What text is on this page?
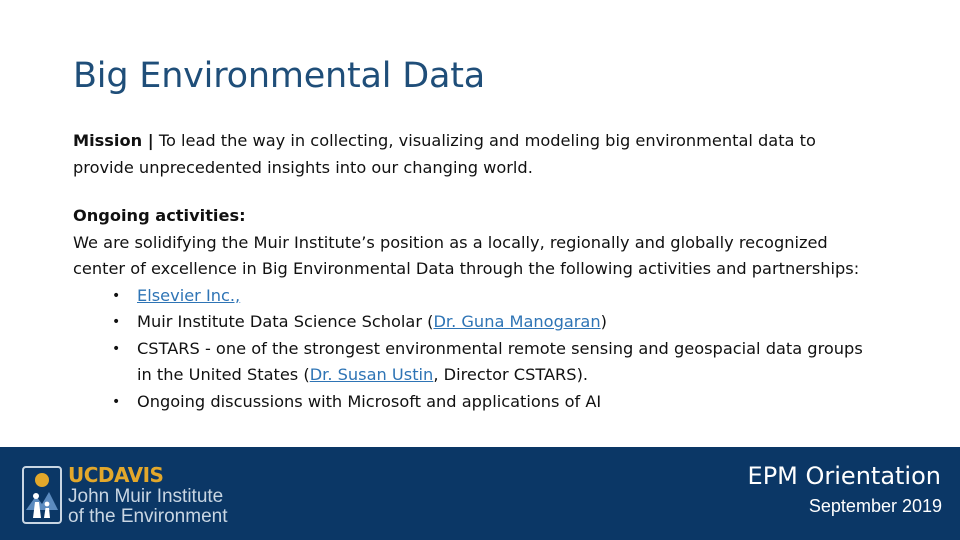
Big Environmental Data

Mission | To lead the way in collecting, visualizing and modeling big environmental data to provide unprecedented insights into our changing world.

Ongoing activities:

We are solidifying the Muir Institute’s position as a locally, regionally and globally recognized center of excellence in Big Environmental Data through the following activities and partnerships:

• Elsevier Inc.,
• Muir Institute Data Science Scholar (Dr. Guna Manogaran)
• CSTARS - one of the strongest environmental remote sensing and geospacial data groups in the United States (Dr. Susan Ustin, Director CSTARS).
• Ongoing discussions with Microsoft and applications of AI
UCDAVIS
John Muir Institute
of the Environment
EPM Orientation
September 2019
